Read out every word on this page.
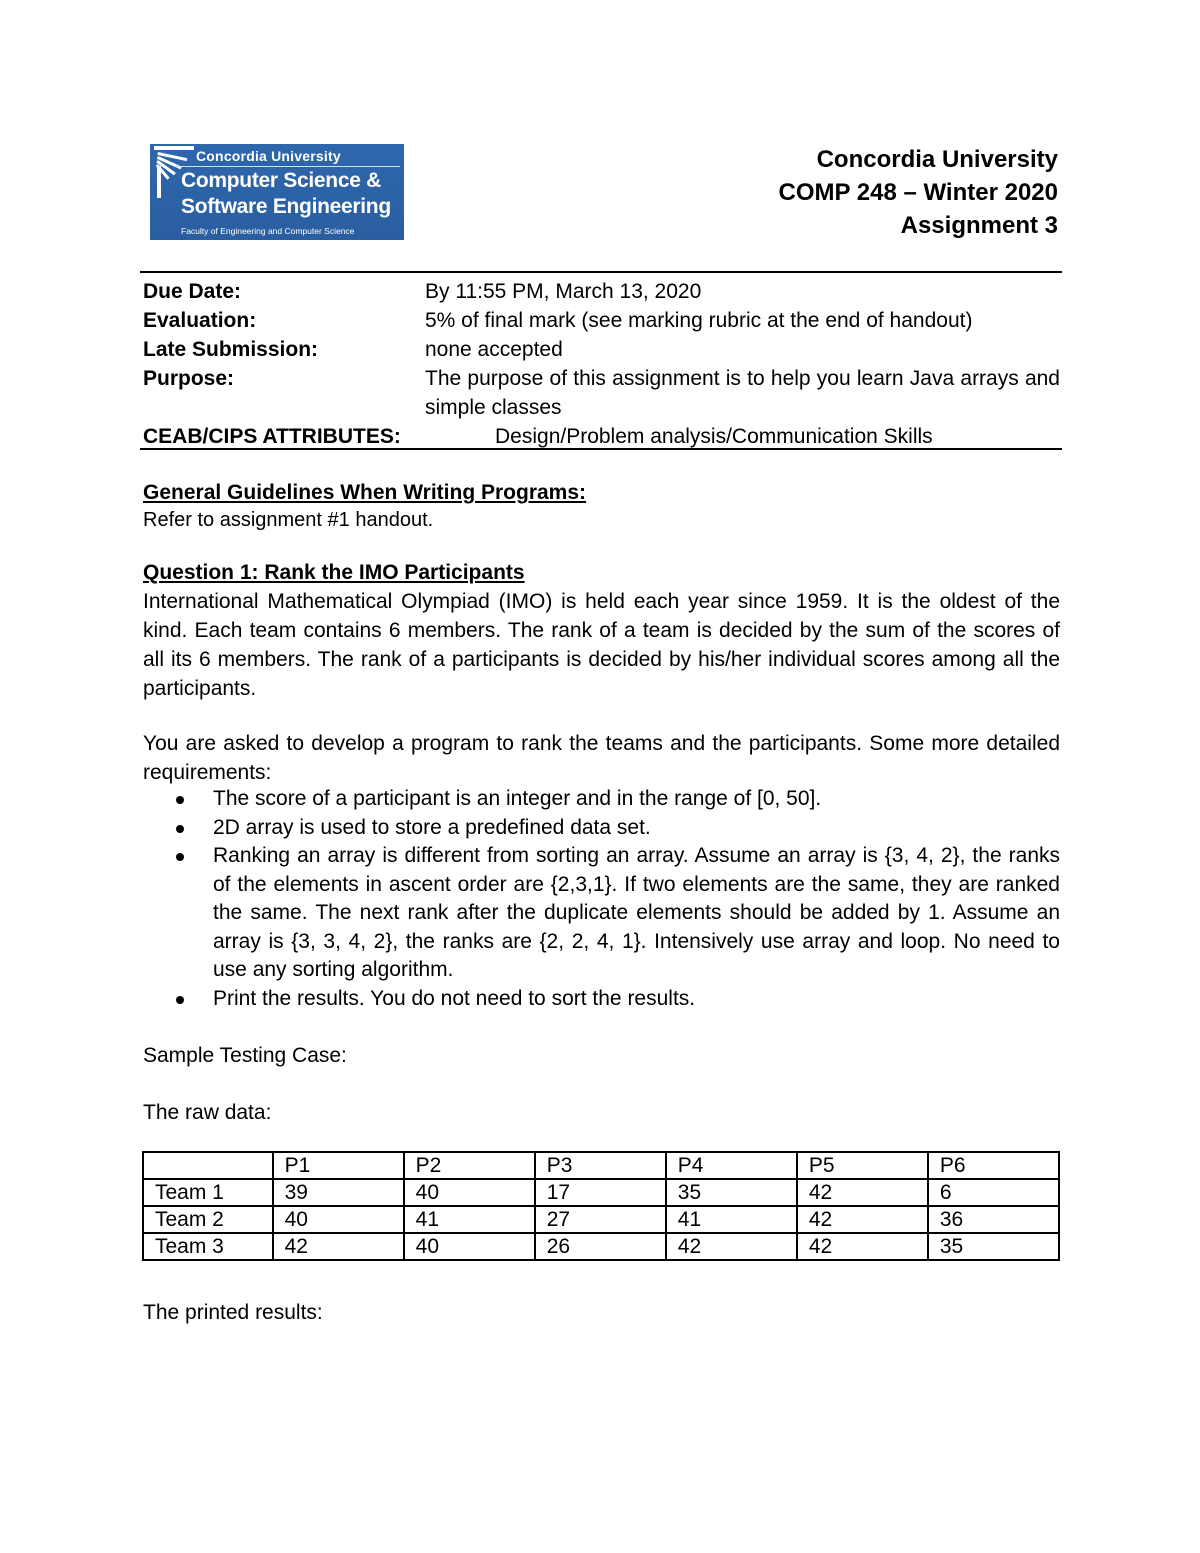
Concordia University
Computer Science &
Software Engineering
Faculty of Engineering and Computer Science
Concordia University
COMP 248 – Winter 2020
Assignment 3
Due Date:	By 11:55 PM, March 13, 2020
Evaluation:	5% of final mark (see marking rubric at the end of handout)
Late Submission:	none accepted
Purpose:	The purpose of this assignment is to help you learn Java arrays and simple classes
CEAB/CIPS ATTRIBUTES:	Design/Problem analysis/Communication Skills
General Guidelines When Writing Programs:
Refer to assignment #1 handout.
Question 1: Rank the IMO Participants
International Mathematical Olympiad (IMO) is held each year since 1959. It is the oldest of the kind. Each team contains 6 members. The rank of a team is decided by the sum of the scores of all its 6 members. The rank of a participants is decided by his/her individual scores among all the participants.
You are asked to develop a program to rank the teams and the participants. Some more detailed requirements:
The score of a participant is an integer and in the range of [0, 50].
2D array is used to store a predefined data set.
Ranking an array is different from sorting an array. Assume an array is {3, 4, 2}, the ranks of the elements in ascent order are {2,3,1}. If two elements are the same, they are ranked the same. The next rank after the duplicate elements should be added by 1. Assume an array is {3, 3, 4, 2}, the ranks are {2, 2, 4, 1}. Intensively use array and loop. No need to use any sorting algorithm.
Print the results. You do not need to sort the results.
Sample Testing Case:
The raw data:
	P1	P2	P3	P4	P5	P6
Team 1	39	40	17	35	42	6
Team 2	40	41	27	41	42	36
Team 3	42	40	26	42	42	35
The printed results:
